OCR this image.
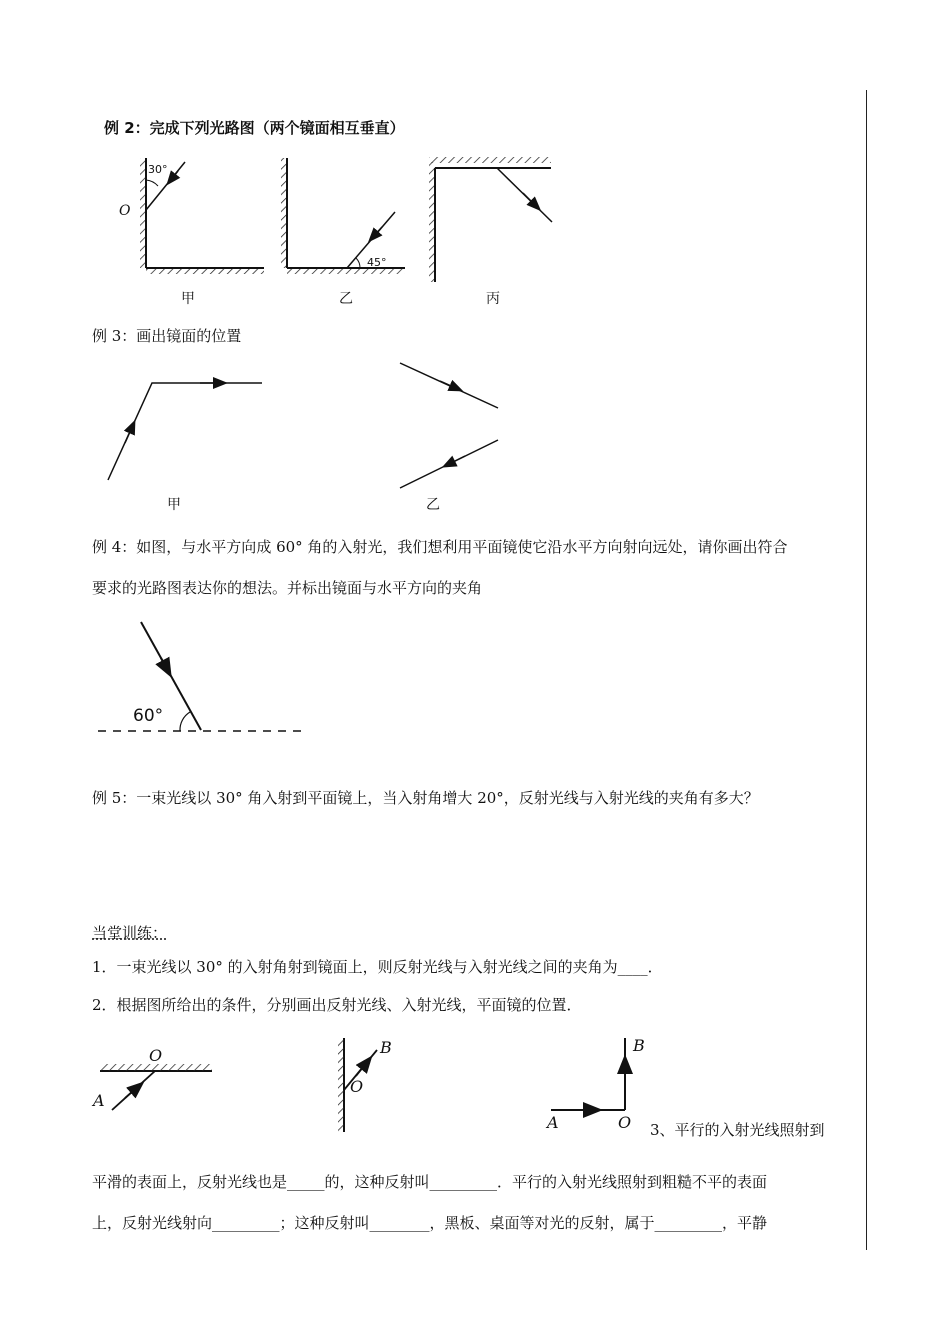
例 2：完成下列光路图（两个镜面相互垂直）
30°
O
45°
甲	乙	丙
例 3：画出镜面的位置
甲	乙
例 4：如图，与水平方向成 60° 角的入射光，我们想利用平面镜使它沿水平方向射向远处，请你画出符合
要求的光路图表达你的想法。并标出镜面与水平方向的夹角
60°
例 5：一束光线以 30° 角入射到平面镜上，当入射角增大 20°，反射光线与入射光线的夹角有多大？
当堂训练：
1．一束光线以 30° 的入射角射到镜面上，则反射光线与入射光线之间的夹角为____．
2．根据图所给出的条件，分别画出反射光线、入射光线，平面镜的位置．
O
A
B
O
B
A	O 3、平行的入射光线照射到
平滑的表面上，反射光线也是_____的，这种反射叫_________．平行的入射光线照射到粗糙不平的表面
上，反射光线射向_________；这种反射叫________，黑板、桌面等对光的反射，属于_________，平静
